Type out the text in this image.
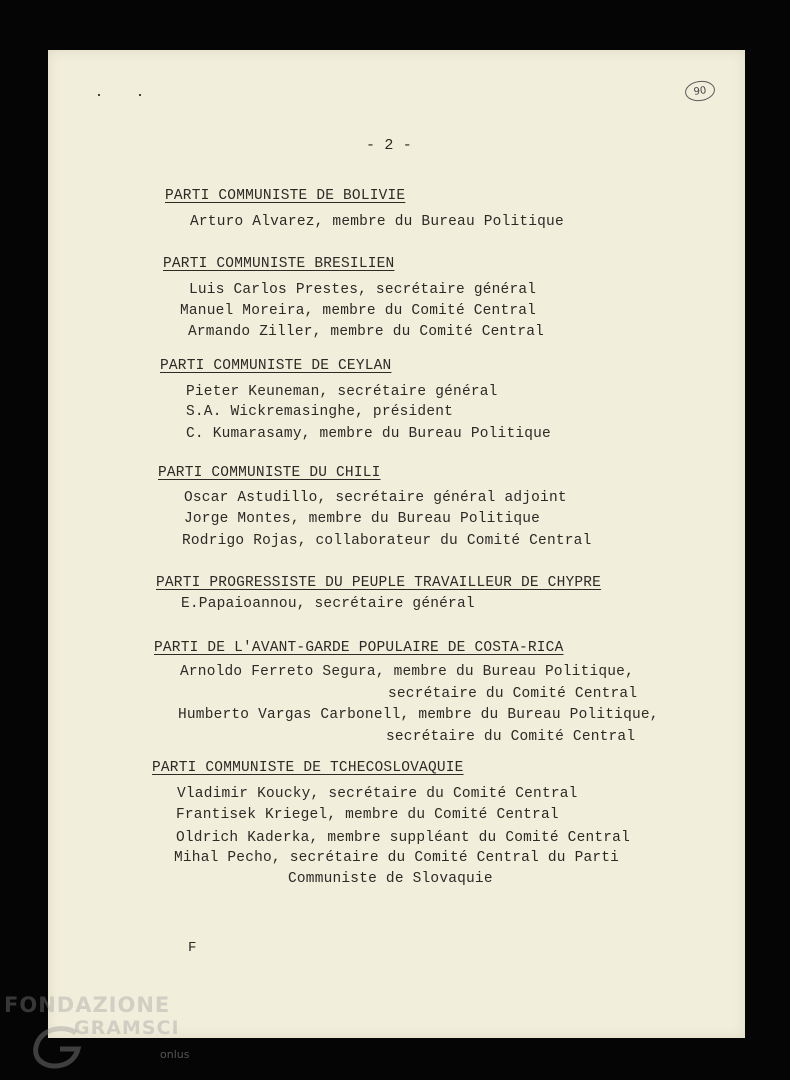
90
- 2 -
PARTI COMMUNISTE DE BOLIVIE
Arturo Alvarez, membre du Bureau Politique
PARTI COMMUNISTE BRESILIEN
Luis Carlos Prestes, secrétaire général
Manuel Moreira, membre du Comité Central
Armando Ziller, membre du Comité Central
PARTI COMMUNISTE DE CEYLAN
Pieter Keuneman, secrétaire général
S.A. Wickremasinghe, président
C. Kumarasamy, membre du Bureau Politique
PARTI COMMUNISTE DU CHILI
Oscar Astudillo, secrétaire général adjoint
Jorge Montes, membre du Bureau Politique
Rodrigo Rojas, collaborateur du Comité Central
PARTI PROGRESSISTE DU PEUPLE TRAVAILLEUR DE CHYPRE
E.Papaioannou, secrétaire général
PARTI DE L'AVANT-GARDE POPULAIRE DE COSTA-RICA
Arnoldo Ferreto Segura, membre du Bureau Politique,
secrétaire du Comité Central
Humberto Vargas Carbonell, membre du Bureau Politique,
secrétaire du Comité Central
PARTI COMMUNISTE DE TCHECOSLOVAQUIE
Vladimir Koucky, secrétaire du Comité Central
Frantisek Kriegel, membre du Comité Central
Oldrich Kaderka, membre suppléant du Comité Central
Mihal Pecho, secrétaire du Comité Central du Parti
Communiste de Slovaquie
F
FONDAZIONE
GRAMSCI
onlus
